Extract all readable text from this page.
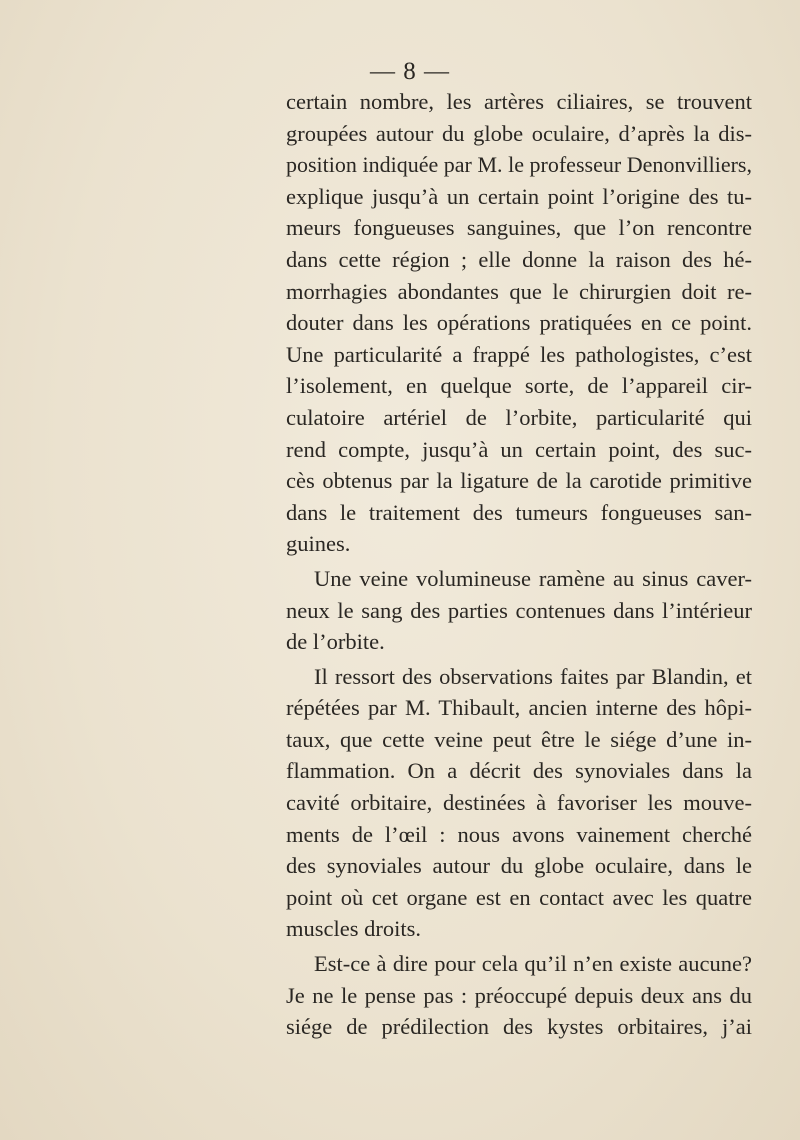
— 8 —
certain nombre, les artères ciliaires, se trouvent
groupées autour du globe oculaire, d’après la dis-
position indiquée par M. le professeur Denonvilliers,
explique jusqu’à un certain point l’origine des tu-
meurs fongueuses sanguines, que l’on rencontre
dans cette région ; elle donne la raison des hé-
morrhagies abondantes que le chirurgien doit re-
douter dans les opérations pratiquées en ce point.
Une particularité a frappé les pathologistes, c’est
l’isolement, en quelque sorte, de l’appareil cir-
culatoire artériel de l’orbite, particularité qui
rend compte, jusqu’à un certain point, des suc-
cès obtenus par la ligature de la carotide primitive
dans le traitement des tumeurs fongueuses san-
guines.
Une veine volumineuse ramène au sinus caver-
neux le sang des parties contenues dans l’intérieur
de l’orbite.
Il ressort des observations faites par Blandin, et
répétées par M. Thibault, ancien interne des hôpi-
taux, que cette veine peut être le siége d’une in-
flammation. On a décrit des synoviales dans la
cavité orbitaire, destinées à favoriser les mouve-
ments de l’œil : nous avons vainement cherché
des synoviales autour du globe oculaire, dans le
point où cet organe est en contact avec les quatre
muscles droits.
Est-ce à dire pour cela qu’il n’en existe aucune?
Je ne le pense pas : préoccupé depuis deux ans du
siége de prédilection des kystes orbitaires, j’ai
